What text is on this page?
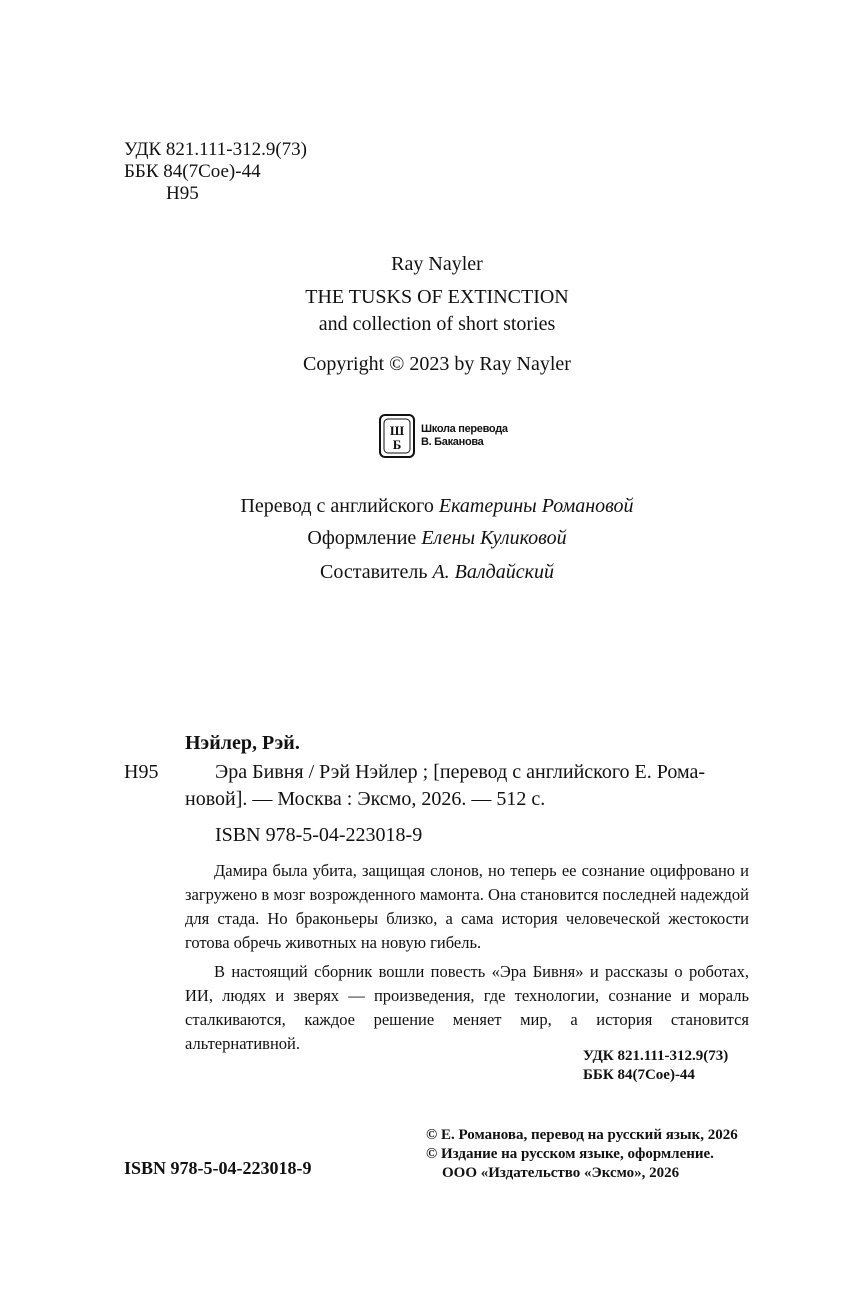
УДК 821.111-312.9(73)
ББК 84(7Сое)-44
Н95
Ray Nayler
THE TUSKS OF EXTINCTION
and collection of short stories
Copyright © 2023 by Ray Nayler
Ш
Б
Школа перевода
В. Баканова
Перевод с английского Екатерины Романовой
Оформление Елены Куликовой
Составитель А. Валдайский
Нэйлер, Рэй.
Н95	Эра Бивня / Рэй Нэйлер ; [перевод с английского Е. Рома-
новой]. — Москва : Эксмо, 2026. — 512 с.
ISBN 978-5-04-223018-9

Дамира была убита, защищая слонов, но теперь ее сознание оцифровано и загружено в мозг возрожденного мамонта. Она становится последней надеждой для стада. Но браконьеры близко, а сама история человеческой жестокости готова обречь животных на новую гибель.

В настоящий сборник вошли повесть «Эра Бивня» и рассказы о роботах, ИИ, людях и зверях — произведения, где технологии, сознание и мораль сталкиваются, каждое решение меняет мир, а история становится альтернативной.

УДК 821.111-312.9(73)
ББК 84(7Сое)-44
ISBN 978-5-04-223018-9
© Е. Романова, перевод на русский язык, 2026
© Издание на русском языке, оформление.
ООО «Издательство «Эксмо», 2026
